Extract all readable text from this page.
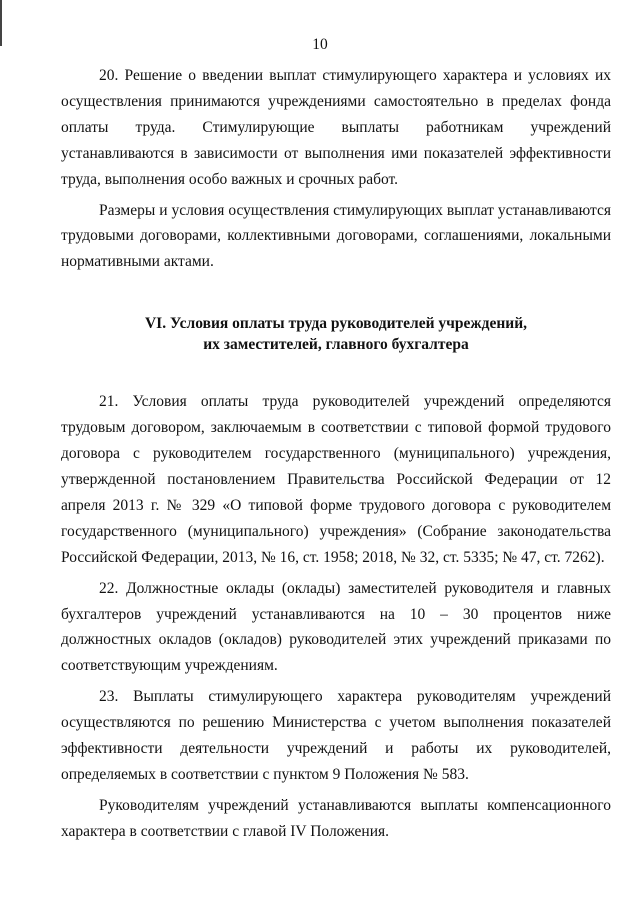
10

20. Решение о введении выплат стимулирующего характера и условиях их осуществления принимаются учреждениями самостоятельно в пределах фонда оплаты труда. Стимулирующие выплаты работникам учреждений устанавливаются в зависимости от выполнения ими показателей эффективности труда, выполнения особо важных и срочных работ.

Размеры и условия осуществления стимулирующих выплат устанавливаются трудовыми договорами, коллективными договорами, соглашениями, локальными нормативными актами.

VI. Условия оплаты труда руководителей учреждений,
их заместителей, главного бухгалтера

21. Условия оплаты труда руководителей учреждений определяются трудовым договором, заключаемым в соответствии с типовой формой трудового договора с руководителем государственного (муниципального) учреждения, утвержденной постановлением Правительства Российской Федерации от 12 апреля 2013 г. № 329 «О типовой форме трудового договора с руководителем государственного (муниципального) учреждения» (Собрание законодательства Российской Федерации, 2013, № 16, ст. 1958; 2018, № 32, ст. 5335; № 47, ст. 7262).

22. Должностные оклады (оклады) заместителей руководителя и главных бухгалтеров учреждений устанавливаются на 10 – 30 процентов ниже должностных окладов (окладов) руководителей этих учреждений приказами по соответствующим учреждениям.

23. Выплаты стимулирующего характера руководителям учреждений осуществляются по решению Министерства с учетом выполнения показателей эффективности деятельности учреждений и работы их руководителей, определяемых в соответствии с пунктом 9 Положения № 583.

Руководителям учреждений устанавливаются выплаты компенсационного характера в соответствии с главой IV Положения.
